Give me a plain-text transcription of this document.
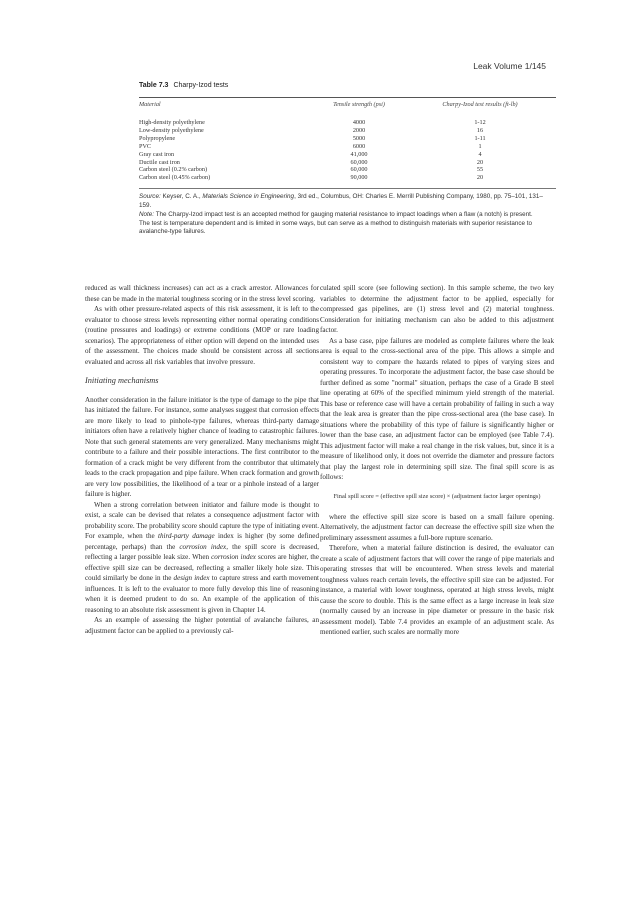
Leak Volume 1/145
Table 7.3 Charpy-Izod tests
Material	Tensile strength (psi)	Charpy-Izod test results (ft-lb)
High-density polyethylene	4000	1-12
Low-density polyethylene	2000	16
Polypropylene	5000	1-11
PVC	6000	1
Gray cast iron	41,000	4
Ductile cast iron	60,000	20
Carbon steel (0.2% carbon)	60,000	55
Carbon steel (0.45% carbon)	90,000	20
Source: Keyser, C. A., Materials Science in Engineering, 3rd ed., Columbus, OH: Charles E. Merrill Publishing Company, 1980, pp. 75–101, 131–159.
Note: The Charpy-Izod impact test is an accepted method for gauging material resistance to impact loadings when a flaw (a notch) is present. The test is temperature dependent and is limited in some ways, but can serve as a method to distinguish materials with superior resistance to avalanche-type failures.

reduced as wall thickness increases) can act as a crack arrestor. Allowances for these can be made in the material toughness scoring or in the stress level scoring.

As with other pressure-related aspects of this risk assessment, it is left to the evaluator to choose stress levels representing either normal operating conditions (routine pressures and loadings) or extreme conditions (MOP or rare loading scenarios). The appropriateness of either option will depend on the intended uses of the assessment. The choices made should be consistent across all sections evaluated and across all risk variables that involve pressure.

Initiating mechanisms

Another consideration in the failure initiator is the type of damage to the pipe that has initiated the failure. For instance, some analyses suggest that corrosion effects are more likely to lead to pinhole-type failures, whereas third-party damage initiators often have a relatively higher chance of leading to catastrophic failures. Note that such general statements are very generalized. Many mechanisms might contribute to a failure and their possible interactions. The first contributor to the formation of a crack might be very different from the contributor that ultimately leads to the crack propagation and pipe failure. When crack formation and growth are very low possibilities, the likelihood of a tear or a pinhole instead of a larger failure is higher.

When a strong correlation between initiator and failure mode is thought to exist, a scale can be devised that relates a consequence adjustment factor with probability score. The probability score should capture the type of initiating event. For example, when the third-party damage index is higher (by some defined percentage, perhaps) than the corrosion index, the spill score is decreased, reflecting a larger possible leak size. When corrosion index scores are higher, the effective spill size can be decreased, reflecting a smaller likely hole size. This could similarly be done in the design index to capture stress and earth movement influences. It is left to the evaluator to more fully develop this line of reasoning when it is deemed prudent to do so. An example of the application of this reasoning to an absolute risk assessment is given in Chapter 14.

As an example of assessing the higher potential of avalanche failures, an adjustment factor can be applied to a previously cal-

culated spill score (see following section). In this sample scheme, the two key variables to determine the adjustment factor to be applied, especially for compressed gas pipelines, are (1) stress level and (2) material toughness. Consideration for initiating mechanism can also be added to this adjustment factor.

As a base case, pipe failures are modeled as complete failures where the leak area is equal to the cross-sectional area of the pipe. This allows a simple and consistent way to compare the hazards related to pipes of varying sizes and operating pressures. To incorporate the adjustment factor, the base case should be further defined as some "normal" situation, perhaps the case of a Grade B steel line operating at 60% of the specified minimum yield strength of the material. This base or reference case will have a certain probability of failing in such a way that the leak area is greater than the pipe cross-sectional area (the base case). In situations where the probability of this type of failure is significantly higher or lower than the base case, an adjustment factor can be employed (see Table 7.4). This adjustment factor will make a real change in the risk values, but, since it is a measure of likelihood only, it does not override the diameter and pressure factors that play the largest role in determining spill size. The final spill score is as follows:

Final spill score = (effective spill size score) × (adjustment factor larger openings)

where the effective spill size score is based on a small failure opening. Alternatively, the adjustment factor can decrease the effective spill size when the preliminary assessment assumes a full-bore rupture scenario.

Therefore, when a material failure distinction is desired, the evaluator can create a scale of adjustment factors that will cover the range of pipe materials and operating stresses that will be encountered. When stress levels and material toughness values reach certain levels, the effective spill size can be adjusted. For instance, a material with lower toughness, operated at high stress levels, might cause the score to double. This is the same effect as a large increase in leak size (normally caused by an increase in pipe diameter or pressure in the basic risk assessment model). Table 7.4 provides an example of an adjustment scale. As mentioned earlier, such scales are normally more
